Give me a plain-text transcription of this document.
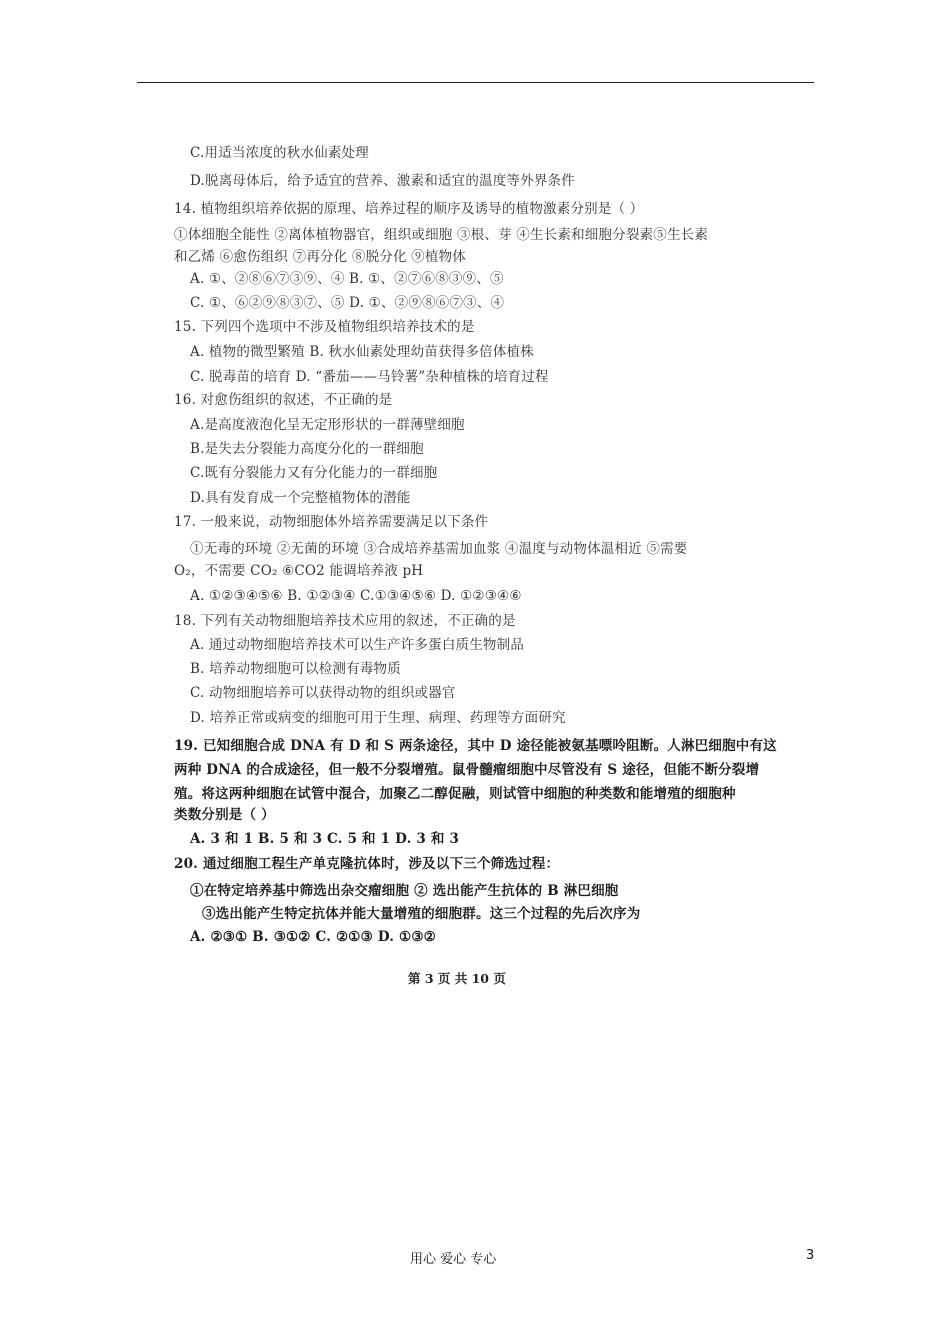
C.用适当浓度的秋水仙素处理
D.脱离母体后，给予适宜的营养、激素和适宜的温度等外界条件
14. 植物组织培养依据的原理、培养过程的顺序及诱导的植物激素分别是（ ）
①体细胞全能性 ②离体植物器官，组织或细胞 ③根、芽 ④生长素和细胞分裂素⑤生长素
和乙烯 ⑥愈伤组织 ⑦再分化 ⑧脱分化 ⑨植物体
A. ①、②⑧⑥⑦③⑨、④ B. ①、②⑦⑥⑧③⑨、⑤
C. ①、⑥②⑨⑧③⑦、⑤ D. ①、②⑨⑧⑥⑦③、④
15. 下列四个选项中不涉及植物组织培养技术的是
A. 植物的微型繁殖 B. 秋水仙素处理幼苗获得多倍体植株
C. 脱毒苗的培育 D. “番茄——马铃薯”杂种植株的培育过程
16. 对愈伤组织的叙述，不正确的是
A.是高度液泡化呈无定形形状的一群薄壁细胞
B.是失去分裂能力高度分化的一群细胞
C.既有分裂能力又有分化能力的一群细胞
D.具有发育成一个完整植物体的潜能
17. 一般来说，动物细胞体外培养需要满足以下条件
①无毒的环境 ②无菌的环境 ③合成培养基需加血浆 ④温度与动物体温相近 ⑤需要
O₂，不需要 CO₂ ⑥CO2 能调培养液 pH
A. ①②③④⑤⑥ B. ①②③④ C.①③④⑤⑥ D. ①②③④⑥
18. 下列有关动物细胞培养技术应用的叙述，不正确的是
A. 通过动物细胞培养技术可以生产许多蛋白质生物制品
B. 培养动物细胞可以检测有毒物质
C. 动物细胞培养可以获得动物的组织或器官
D. 培养正常或病变的细胞可用于生理、病理、药理等方面研究
19. 已知细胞合成 DNA 有 D 和 S 两条途径，其中 D 途径能被氨基嘌呤阻断。人淋巴细胞中有这
两种 DNA 的合成途径，但一般不分裂增殖。鼠骨髓瘤细胞中尽管没有 S 途径，但能不断分裂增
殖。将这两种细胞在试管中混合，加聚乙二醇促融，则试管中细胞的种类数和能增殖的细胞种
类数分别是（ ）
A. 3 和 1 B. 5 和 3 C. 5 和 1 D. 3 和 3
20. 通过细胞工程生产单克隆抗体时，涉及以下三个筛选过程：
①在特定培养基中筛选出杂交瘤细胞 ② 选出能产生抗体的 B 淋巴细胞
③选出能产生特定抗体并能大量增殖的细胞群。这三个过程的先后次序为
A. ②③① B. ③①② C. ②①③ D. ①③②
第 3 页 共 10 页
用心 爱心 专心	3
